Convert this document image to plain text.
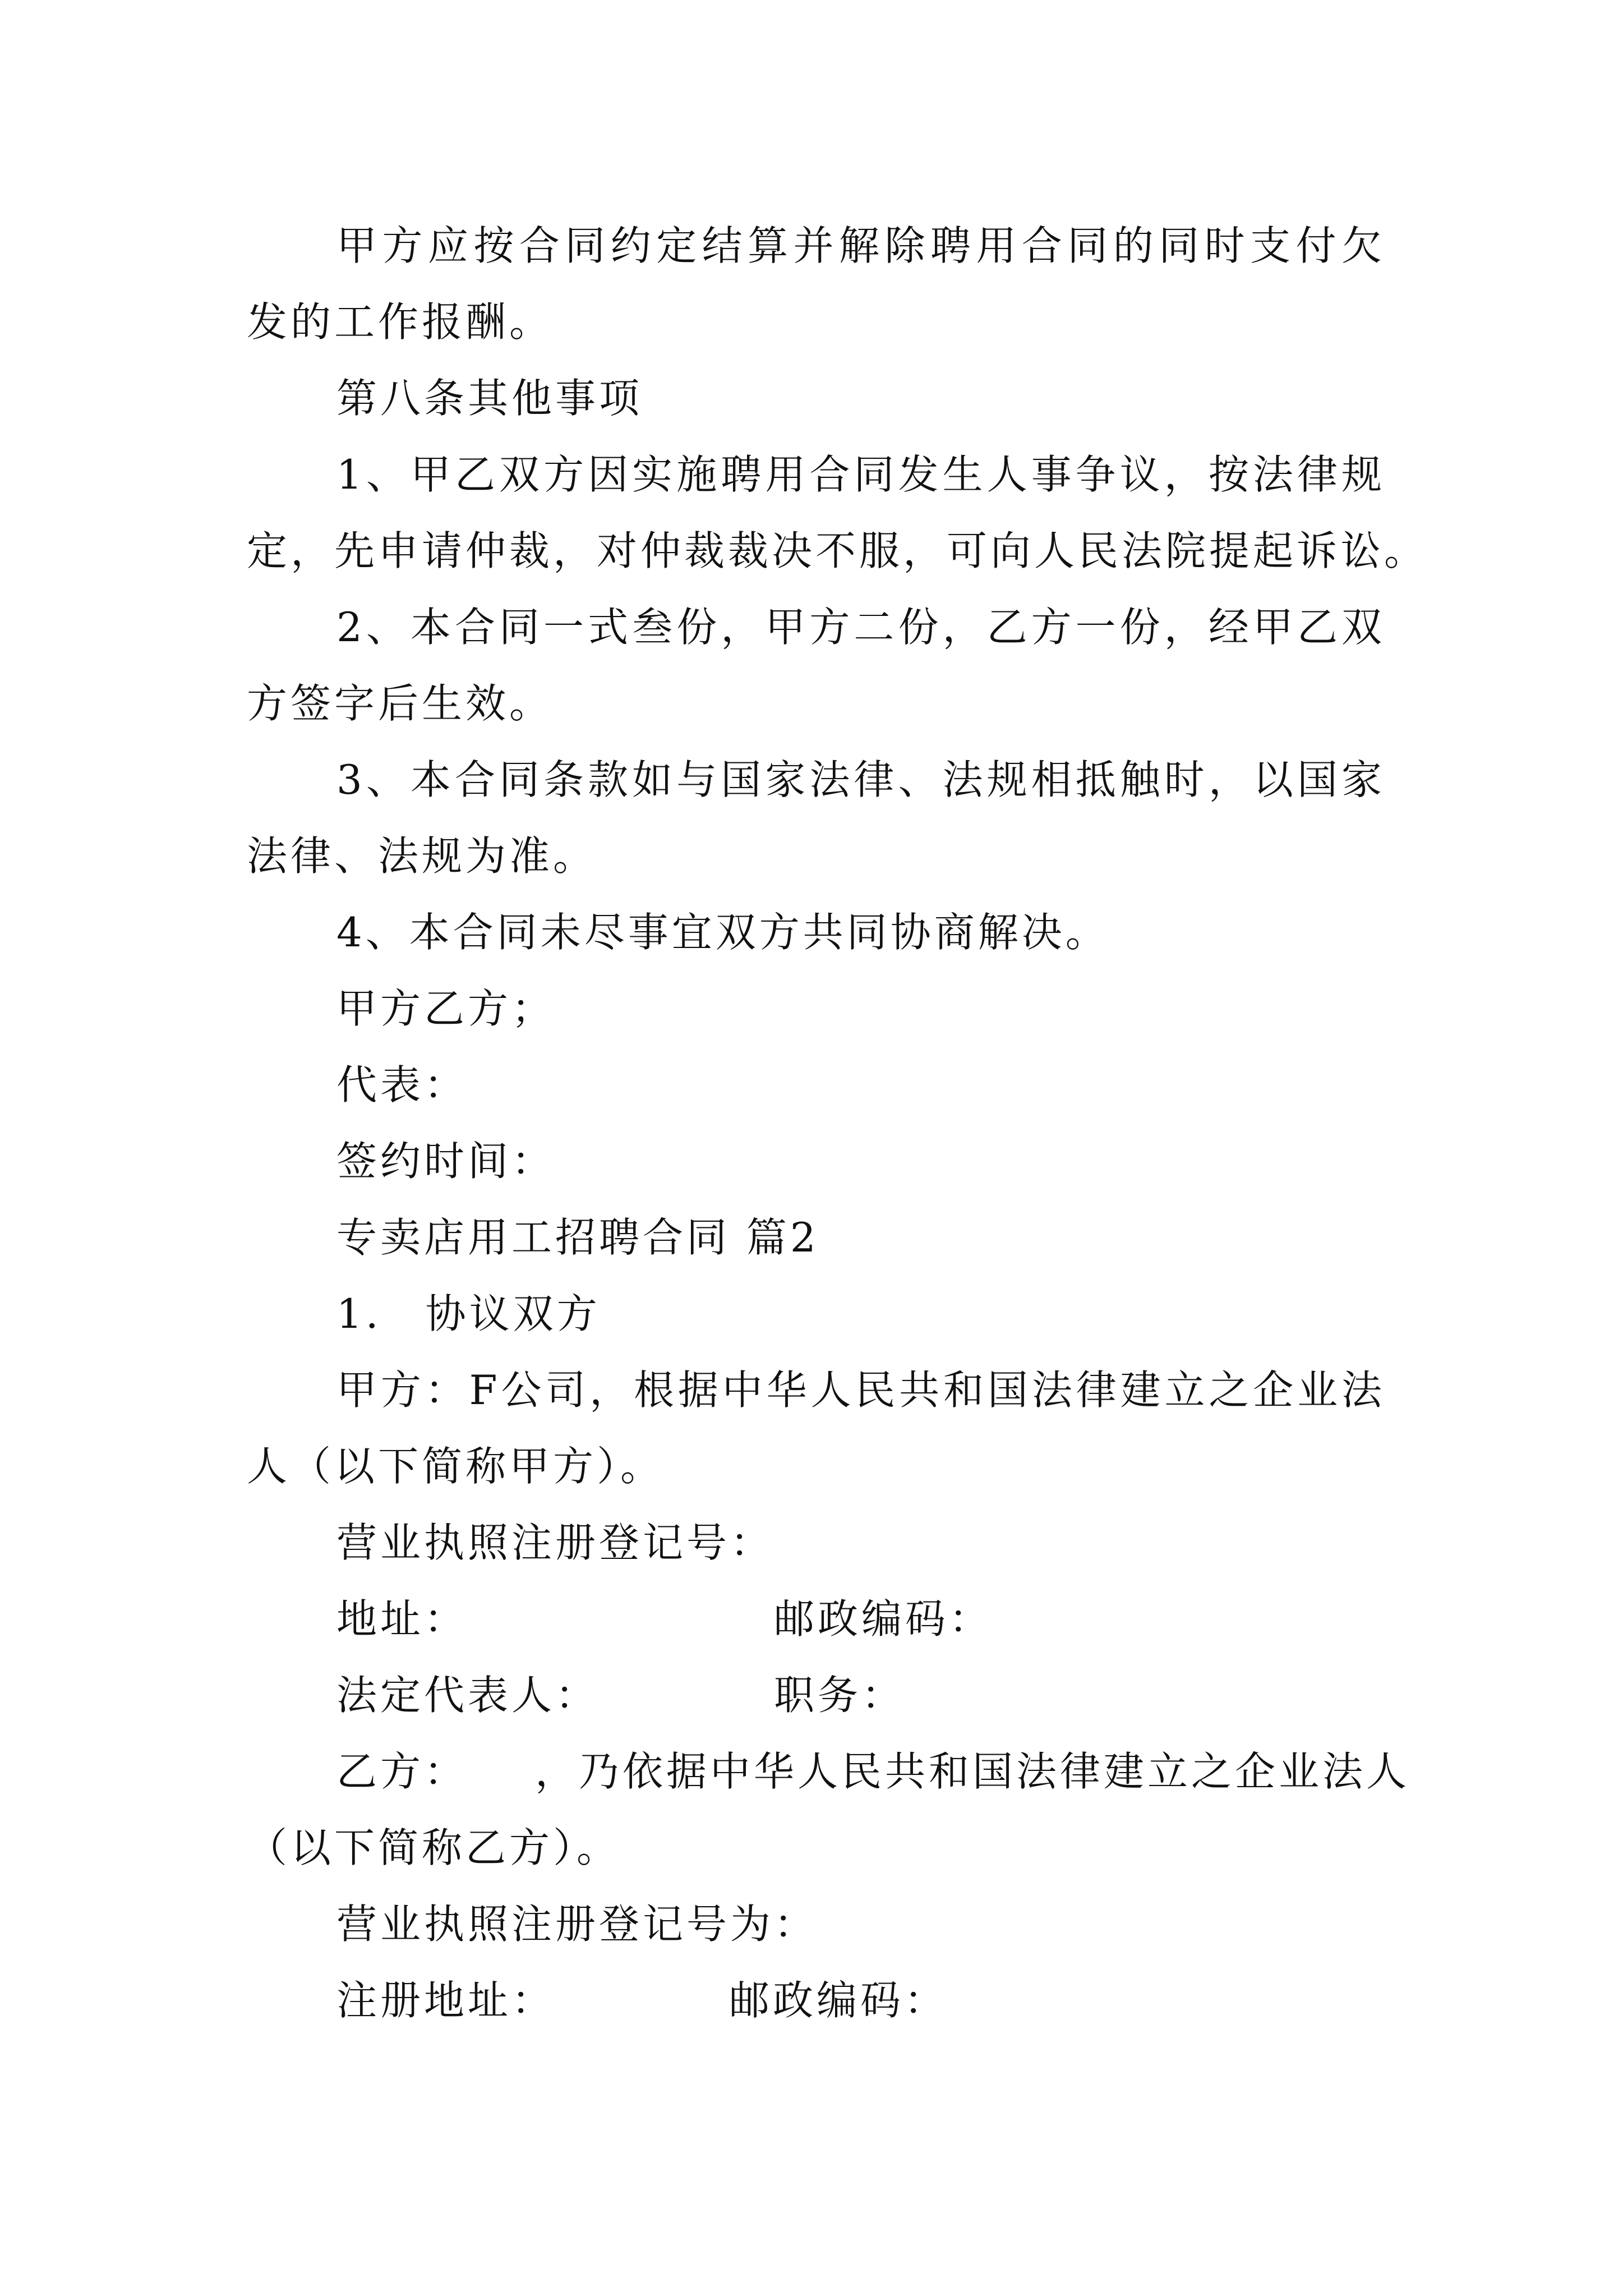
甲方应按合同约定结算并解除聘用合同的同时支付欠
发的工作报酬。
第八条其他事项
1、甲乙双方因实施聘用合同发生人事争议，按法律规
定，先申请仲裁，对仲裁裁决不服，可向人民法院提起诉讼。
2、本合同一式叁份，甲方二份，乙方一份，经甲乙双
方签字后生效。
3、本合同条款如与国家法律、法规相抵触时，以国家
法律、法规为准。
4、本合同未尽事宜双方共同协商解决。
甲方乙方；
代表：
签约时间：
专卖店用工招聘合同 篇2
1.　协议双方
甲方：F公司，根据中华人民共和国法律建立之企业法
人（以下简称甲方）。
营业执照注册登记号：
地址：	邮政编码：
法定代表人：	职务：
乙方： ，乃依据中华人民共和国法律建立之企业法人
（以下简称乙方）。
营业执照注册登记号为：
注册地址：	邮政编码：
